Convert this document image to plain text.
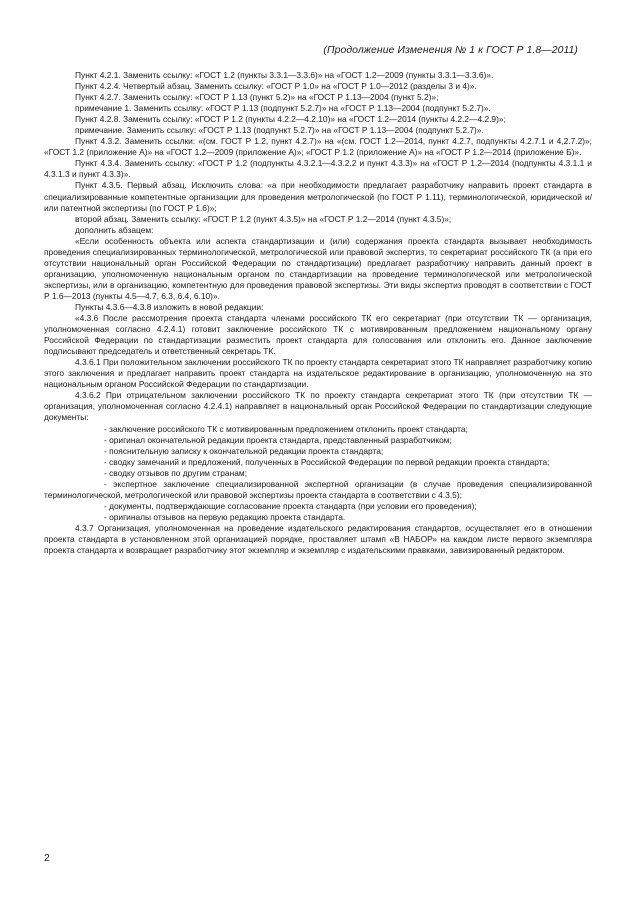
(Продолжение Изменения № 1 к ГОСТ Р 1.8—2011)

Пункт 4.2.1. Заменить ссылку: «ГОСТ 1.2 (пункты 3.3.1—3.3.6)» на «ГОСТ 1.2—2009 (пункты 3.3.1—3.3.6)».

Пункт 4.2.4. Четвертый абзац. Заменить ссылку: «ГОСТ Р 1.0» на «ГОСТ Р 1.0—2012 (разделы 3 и 4)».

Пункт 4.2.7. Заменить ссылку: «ГОСТ Р 1.13 (пункт 5.2)» на «ГОСТ Р 1.13—2004 (пункт 5.2)»;

примечание 1. Заменить ссылку: «ГОСТ Р 1.13 (подпункт 5.2.7)» на «ГОСТ Р 1.13—2004 (подпункт 5.2.7)».

Пункт 4.2.8. Заменить ссылку: «ГОСТ Р 1.2 (пункты 4.2.2—4.2.10)» на «ГОСТ 1.2—2014 (пункты 4.2.2—4.2.9)»;

примечание. Заменить ссылку: «ГОСТ Р 1.13 (подпункт 5.2.7)» на «ГОСТ Р 1.13—2004 (подпункт 5.2.7)».

Пункт 4.3.2. Заменить ссылки: «(см. ГОСТ Р 1.2, пункт 4.2.7)» на «(см. ГОСТ 1.2—2014, пункт 4.2.7, подпункты 4.2.7.1 и 4,2.7.2)»; «ГОСТ 1.2 (приложение А)» на «ГОСТ 1.2—2009 (приложение А)»; «ГОСТ Р 1.2 (приложение А)» на «ГОСТ Р 1.2—2014 (приложение Б)».

Пункт 4.3.4. Заменить ссылку: «ГОСТ Р 1.2 (подпункты 4.3.2.1—4.3.2.2 и пункт 4.3.3)» на «ГОСТ Р 1.2—2014 (подпункты 4.3.1.1 и 4.3.1.3 и пункт 4.3.3)».

Пункт 4.3.5. Первый абзац. Исключить слова: «а при необходимости предлагает разработчику направить проект стандарта в специализированные компетентные организации для проведения метрологической (по ГОСТ Р 1.11), терминологической, юридической и/или патентной экспертизы (по ГОСТ Р 1.6)»;

второй абзац. Заменить ссылку: «ГОСТ Р 1.2 (пункт 4.3.5)» на «ГОСТ Р 1.2—2014 (пункт 4.3.5)»;

дополнить абзацем:

«Если особенность объекта или аспекта стандартизации и (или) содержания проекта стандарта вызывает необходимость проведения специализированных терминологической, метрологической или правовой экспертиз, то секретариат российского ТК (а при его отсутствии национальный орган Российской Федерации по стандартизации) предлагает разработчику направить данный проект в организацию, уполномоченную национальным органом по стандартизации на проведение терминологической или метрологической экспертизы, или в организацию, компетентную для проведения правовой экспертизы. Эти виды экспертиз проводят в соответствии с ГОСТ Р 1.6—2013 (пункты 4.5—4.7, 6.3, 6.4, 6.10)».

Пункты 4.3.6—4.3.8 изложить в новой редакции:

«4.3.6 После рассмотрения проекта стандарта членами российского ТК его секретариат (при отсутствии ТК — организация, уполномоченная согласно 4.2.4.1) готовит заключение российского ТК с мотивированным предложением национальному органу Российской Федерации по стандартизации разместить проект стандарта для голосования или отклонить его. Данное заключение подписывают председатель и ответственный секретарь ТК.

4.3.6.1 При положительном заключении российского ТК по проекту стандарта секретариат этого ТК направляет разработчику копию этого заключения и предлагает направить проект стандарта на издательское редактирование в организацию, уполномоченную на это национальным органом Российской Федерации по стандартизации.

4.3.6.2 При отрицательном заключении российского ТК по проекту стандарта секретариат этого ТК (при отсутствии ТК — организация, уполномоченная согласно 4.2.4.1) направляет в национальный орган Российской Федерации по стандартизации следующие документы:

- заключение российского ТК с мотивированным предложением отклонить проект стандарта;

- оригинал окончательной редакции проекта стандарта, представленный разработчиком;

- пояснительную записку к окончательной редакции проекта стандарта;

- сводку замечаний и предложений, полученных в Российской Федерации по первой редакции проекта стандарта;

- сводку отзывов по другим странам;

- экспертное заключение специализированной экспертной организации (в случае проведения специализированной терминологической, метрологической или правовой экспертизы проекта стандарта в соответствии с 4.3.5);

- документы, подтверждающие согласование проекта стандарта (при условии его проведения);

- оригиналы отзывов на первую редакцию проекта стандарта.

4.3.7 Организация, уполномоченная на проведение издательского редактирования стандартов, осуществляет его в отношении проекта стандарта в установленном этой организацией порядке, проставляет штамп «В НАБОР» на каждом листе первого экземпляра проекта стандарта и возвращает разработчику этот экземпляр и экземпляр с издательскими правками, завизированный редактором.

2
